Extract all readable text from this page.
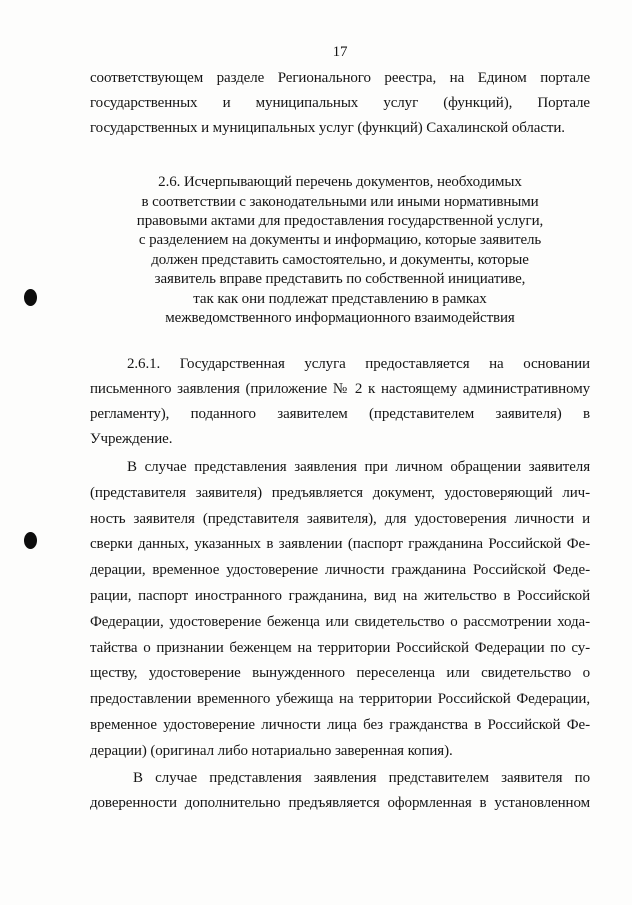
17
соответствующем разделе Регионального реестра, на Едином портале
государственных и муниципальных услуг (функций), Портале
государственных и муниципальных услуг (функций) Сахалинской области.
2.6. Исчерпывающий перечень документов, необходимых
в соответствии с законодательными или иными нормативными
правовыми актами для предоставления государственной услуги,
с разделением на документы и информацию, которые заявитель
должен представить самостоятельно, и документы, которые
заявитель вправе представить по собственной инициативе,
так как они подлежат представлению в рамках
межведомственного информационного взаимодействия
2.6.1. Государственная услуга предоставляется на основании
письменного заявления (приложение № 2 к настоящему административному
регламенту), поданного заявителем (представителем заявителя) в
Учреждение.
В случае представления заявления при личном обращении заявителя
(представителя заявителя) предъявляется документ, удостоверяющий лич-
ность заявителя (представителя заявителя), для удостоверения личности и
сверки данных, указанных в заявлении (паспорт гражданина Российской Фе-
дерации, временное удостоверение личности гражданина Российской Феде-
рации, паспорт иностранного гражданина, вид на жительство в Российской
Федерации, удостоверение беженца или свидетельство о рассмотрении хода-
тайства о признании беженцем на территории Российской Федерации по су-
ществу, удостоверение вынужденного переселенца или свидетельство о
предоставлении временного убежища на территории Российской Федерации,
временное удостоверение личности лица без гражданства в Российской Фе-
дерации) (оригинал либо нотариально заверенная копия).
В случае представления заявления представителем заявителя по
доверенности дополнительно предъявляется оформленная в установленном
